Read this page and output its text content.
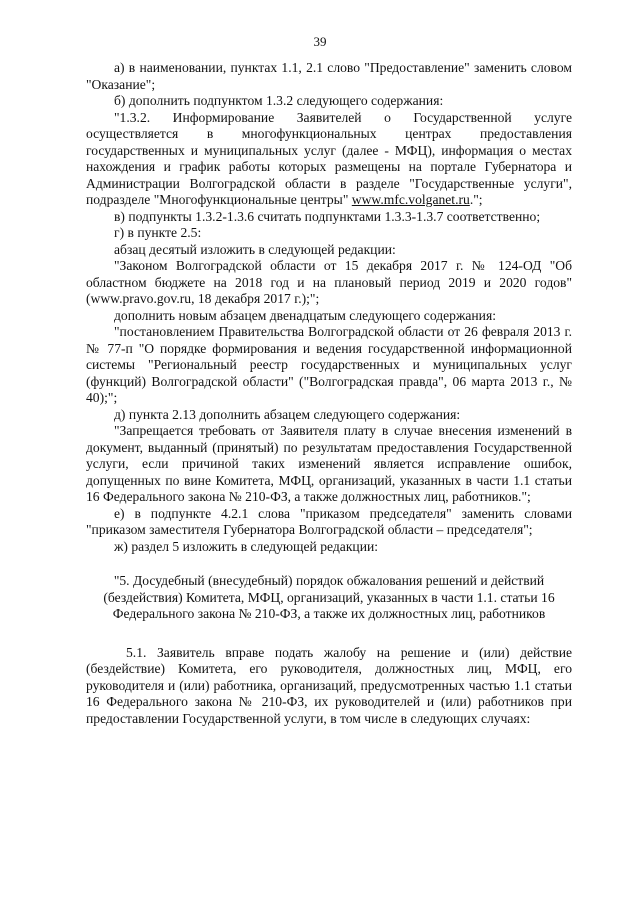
39

а) в наименовании, пунктах 1.1, 2.1 слово "Предоставление" заменить словом "Оказание";

б) дополнить подпунктом 1.3.2 следующего содержания:

"1.3.2. Информирование Заявителей о Государственной услуге осуществляется в многофункциональных центрах предоставления государственных и муниципальных услуг (далее - МФЦ), информация о местах нахождения и график работы которых размещены на портале Губернатора и Администрации Волгоградской области в разделе "Государственные услуги", подразделе "Многофункциональные центры" www.mfc.volganet.ru.";

в) подпункты 1.3.2-1.3.6 считать подпунктами 1.3.3-1.3.7 соответственно;

г) в пункте 2.5:

абзац десятый изложить в следующей редакции:

"Законом Волгоградской области от 15 декабря 2017 г. № 124-ОД "Об областном бюджете на 2018 год и на плановый период 2019 и 2020 годов" (www.pravo.gov.ru, 18 декабря 2017 г.);";

дополнить новым абзацем двенадцатым следующего содержания:

"постановлением Правительства Волгоградской области от 26 февраля 2013 г. № 77-п "О порядке формирования и ведения государственной информационной системы "Региональный реестр государственных и муниципальных услуг (функций) Волгоградской области" ("Волгоградская правда", 06 марта 2013 г., № 40);";

д) пункта 2.13 дополнить абзацем следующего содержания:

"Запрещается требовать от Заявителя плату в случае внесения изменений в документ, выданный (принятый) по результатам предоставления Государственной услуги, если причиной таких изменений является исправление ошибок, допущенных по вине Комитета, МФЦ, организаций, указанных в части 1.1 статьи 16 Федерального закона № 210-ФЗ, а также должностных лиц, работников.";

е) в подпункте 4.2.1 слова "приказом председателя" заменить словами "приказом заместителя Губернатора Волгоградской области – председателя";

ж) раздел 5 изложить в следующей редакции:

"5. Досудебный (внесудебный) порядок обжалования решений и действий (бездействия) Комитета, МФЦ, организаций, указанных в части 1.1. статьи 16 Федерального закона № 210-ФЗ, а также их должностных лиц, работников

5.1. Заявитель вправе подать жалобу на решение и (или) действие (бездействие) Комитета, его руководителя, должностных лиц, МФЦ, его руководителя и (или) работника, организаций, предусмотренных частью 1.1 статьи 16 Федерального закона № 210-ФЗ, их руководителей и (или) работников при предоставлении Государственной услуги, в том числе в следующих случаях:
